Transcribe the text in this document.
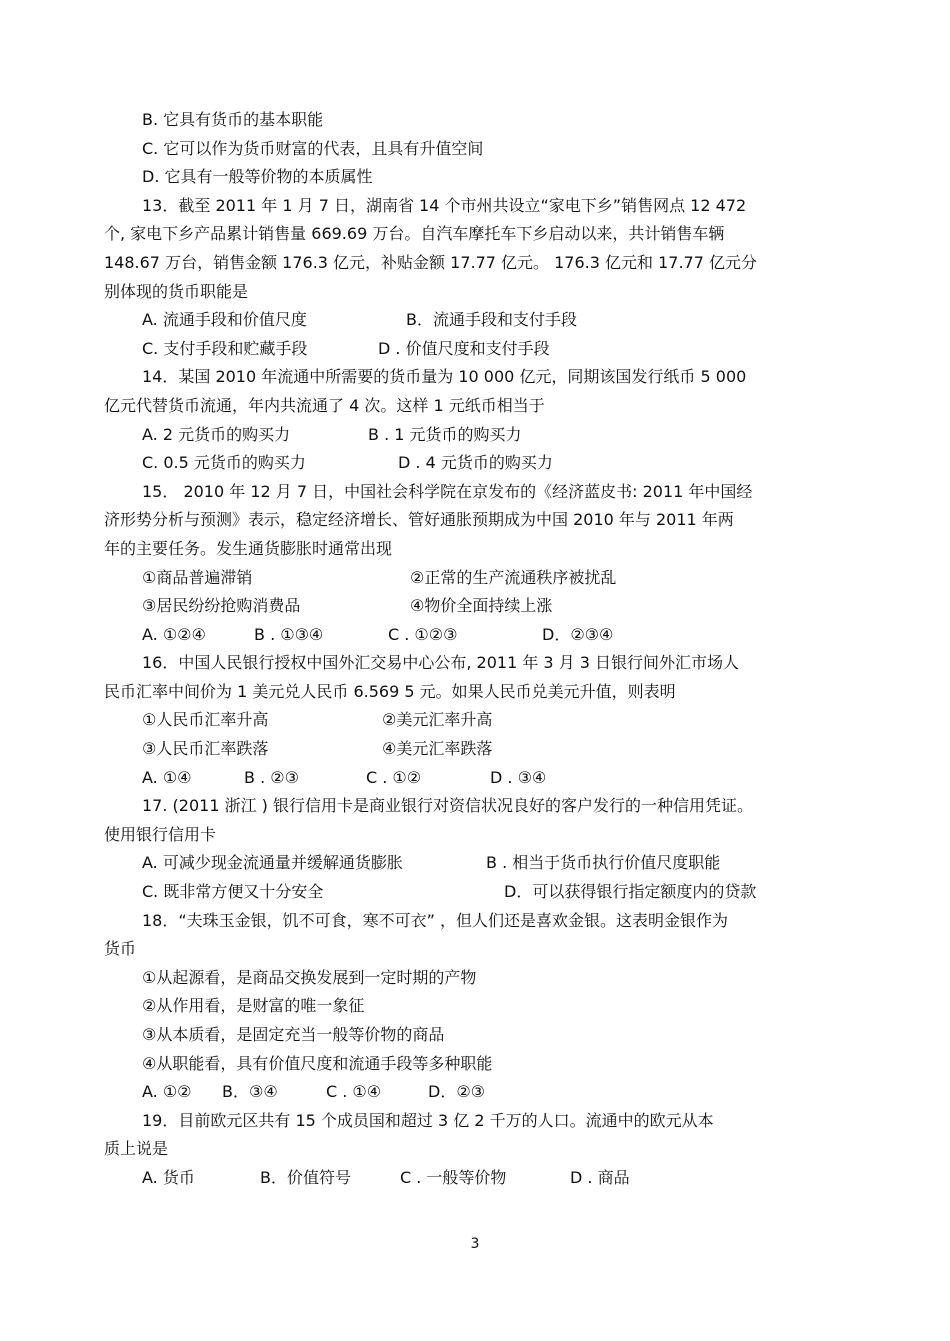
B. 它具有货币的基本职能
C. 它可以作为货币财富的代表，且具有升值空间
D. 它具有一般等价物的本质属性
13．截至 2011 年 1 月 7 日，湖南省 14 个市州共设立“家电下乡”销售网点 12 472
个, 家电下乡产品累计销售量 669.69 万台。自汽车摩托车下乡启动以来，共计销售车辆
148.67 万台，销售金额 176.3 亿元，补贴金额 17.77 亿元。 176.3 亿元和 17.77 亿元分
别体现的货币职能是
A. 流通手段和价值尺度	B．流通手段和支付手段
C. 支付手段和贮藏手段	D . 价值尺度和支付手段
14．某国 2010 年流通中所需要的货币量为 10 000 亿元，同期该国发行纸币 5 000
亿元代替货币流通，年内共流通了 4 次。这样 1 元纸币相当于
A. 2 元货币的购买力	B . 1 元货币的购买力
C. 0.5 元货币的购买力	D . 4 元货币的购买力
15． 2010 年 12 月 7 日，中国社会科学院在京发布的《经济蓝皮书: 2011 年中国经
济形势分析与预测》表示，稳定经济增长、管好通胀预期成为中国 2010 年与 2011 年两
年的主要任务。发生通货膨胀时通常出现
①商品普遍滞销	②正常的生产流通秩序被扰乱
③居民纷纷抢购消费品	④物价全面持续上涨
A. ①②④	B . ①③④	C . ①②③	D．②③④
16．中国人民银行授权中国外汇交易中心公布, 2011 年 3 月 3 日银行间外汇市场人
民币汇率中间价为 1 美元兑人民币 6.569 5 元。如果人民币兑美元升值，则表明
①人民币汇率升高	②美元汇率升高
③人民币汇率跌落	④美元汇率跌落
A. ①④	B . ②③	C . ①②	D . ③④
17. (2011 浙江 ) 银行信用卡是商业银行对资信状况良好的客户发行的一种信用凭证。
使用银行信用卡
A. 可减少现金流通量并缓解通货膨胀	B . 相当于货币执行价值尺度职能
C. 既非常方便又十分安全	D．可以获得银行指定额度内的贷款
18．“夫珠玉金银，饥不可食，寒不可衣” ，但人们还是喜欢金银。这表明金银作为
货币
①从起源看，是商品交换发展到一定时期的产物
②从作用看，是财富的唯一象征
③从本质看，是固定充当一般等价物的商品
④从职能看，具有价值尺度和流通手段等多种职能
A. ①② B．③④	C . ①④	D．②③
19．目前欧元区共有 15 个成员国和超过 3 亿 2 千万的人口。流通中的欧元从本
质上说是
A. 货币	B．价值符号	C . 一般等价物	D . 商品
3
